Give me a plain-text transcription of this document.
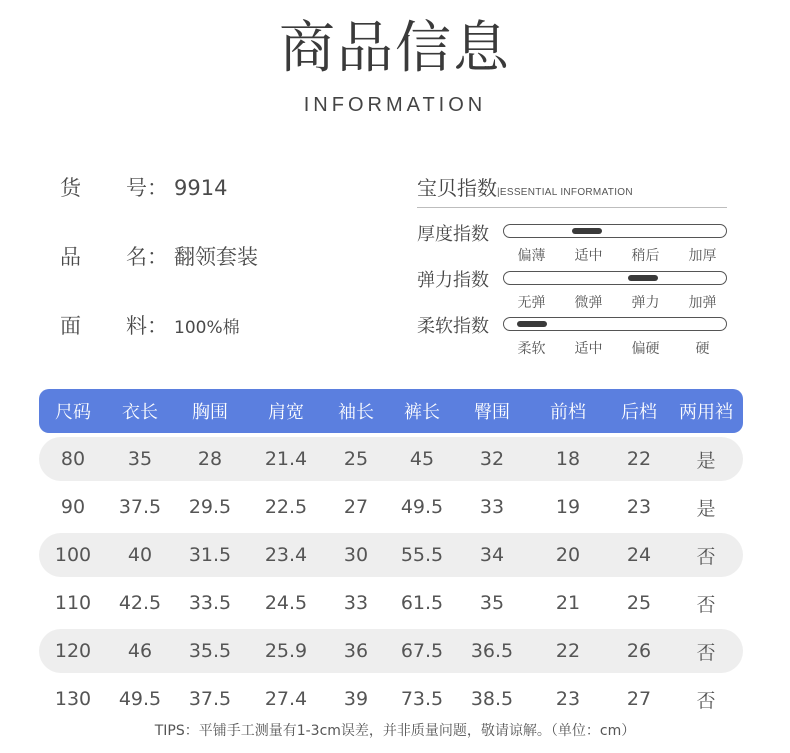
商品信息
INFORMATION
货 号： 9914
品 名： 翻领套装
面 料： 100%棉
宝贝指数|ESSENTIAL INFORMATION
厚度指数
偏薄	适中	稍后	加厚
弹力指数
无弹	微弹	弹力	加弹
柔软指数
柔软	适中	偏硬	硬
尺码	衣长	胸围	肩宽	袖长	裤长	臀围	前档	后档	两用裆
80	35	28	21.4	25	45	32	18	22	是
90	37.5	29.5	22.5	27	49.5	33	19	23	是
100	40	31.5	23.4	30	55.5	34	20	24	否
110	42.5	33.5	24.5	33	61.5	35	21	25	否
120	46	35.5	25.9	36	67.5	36.5	22	26	否
130	49.5	37.5	27.4	39	73.5	38.5	23	27	否
TIPS：平铺手工测量有1-3cm误差，并非质量问题，敬请谅解。（单位：cm）
